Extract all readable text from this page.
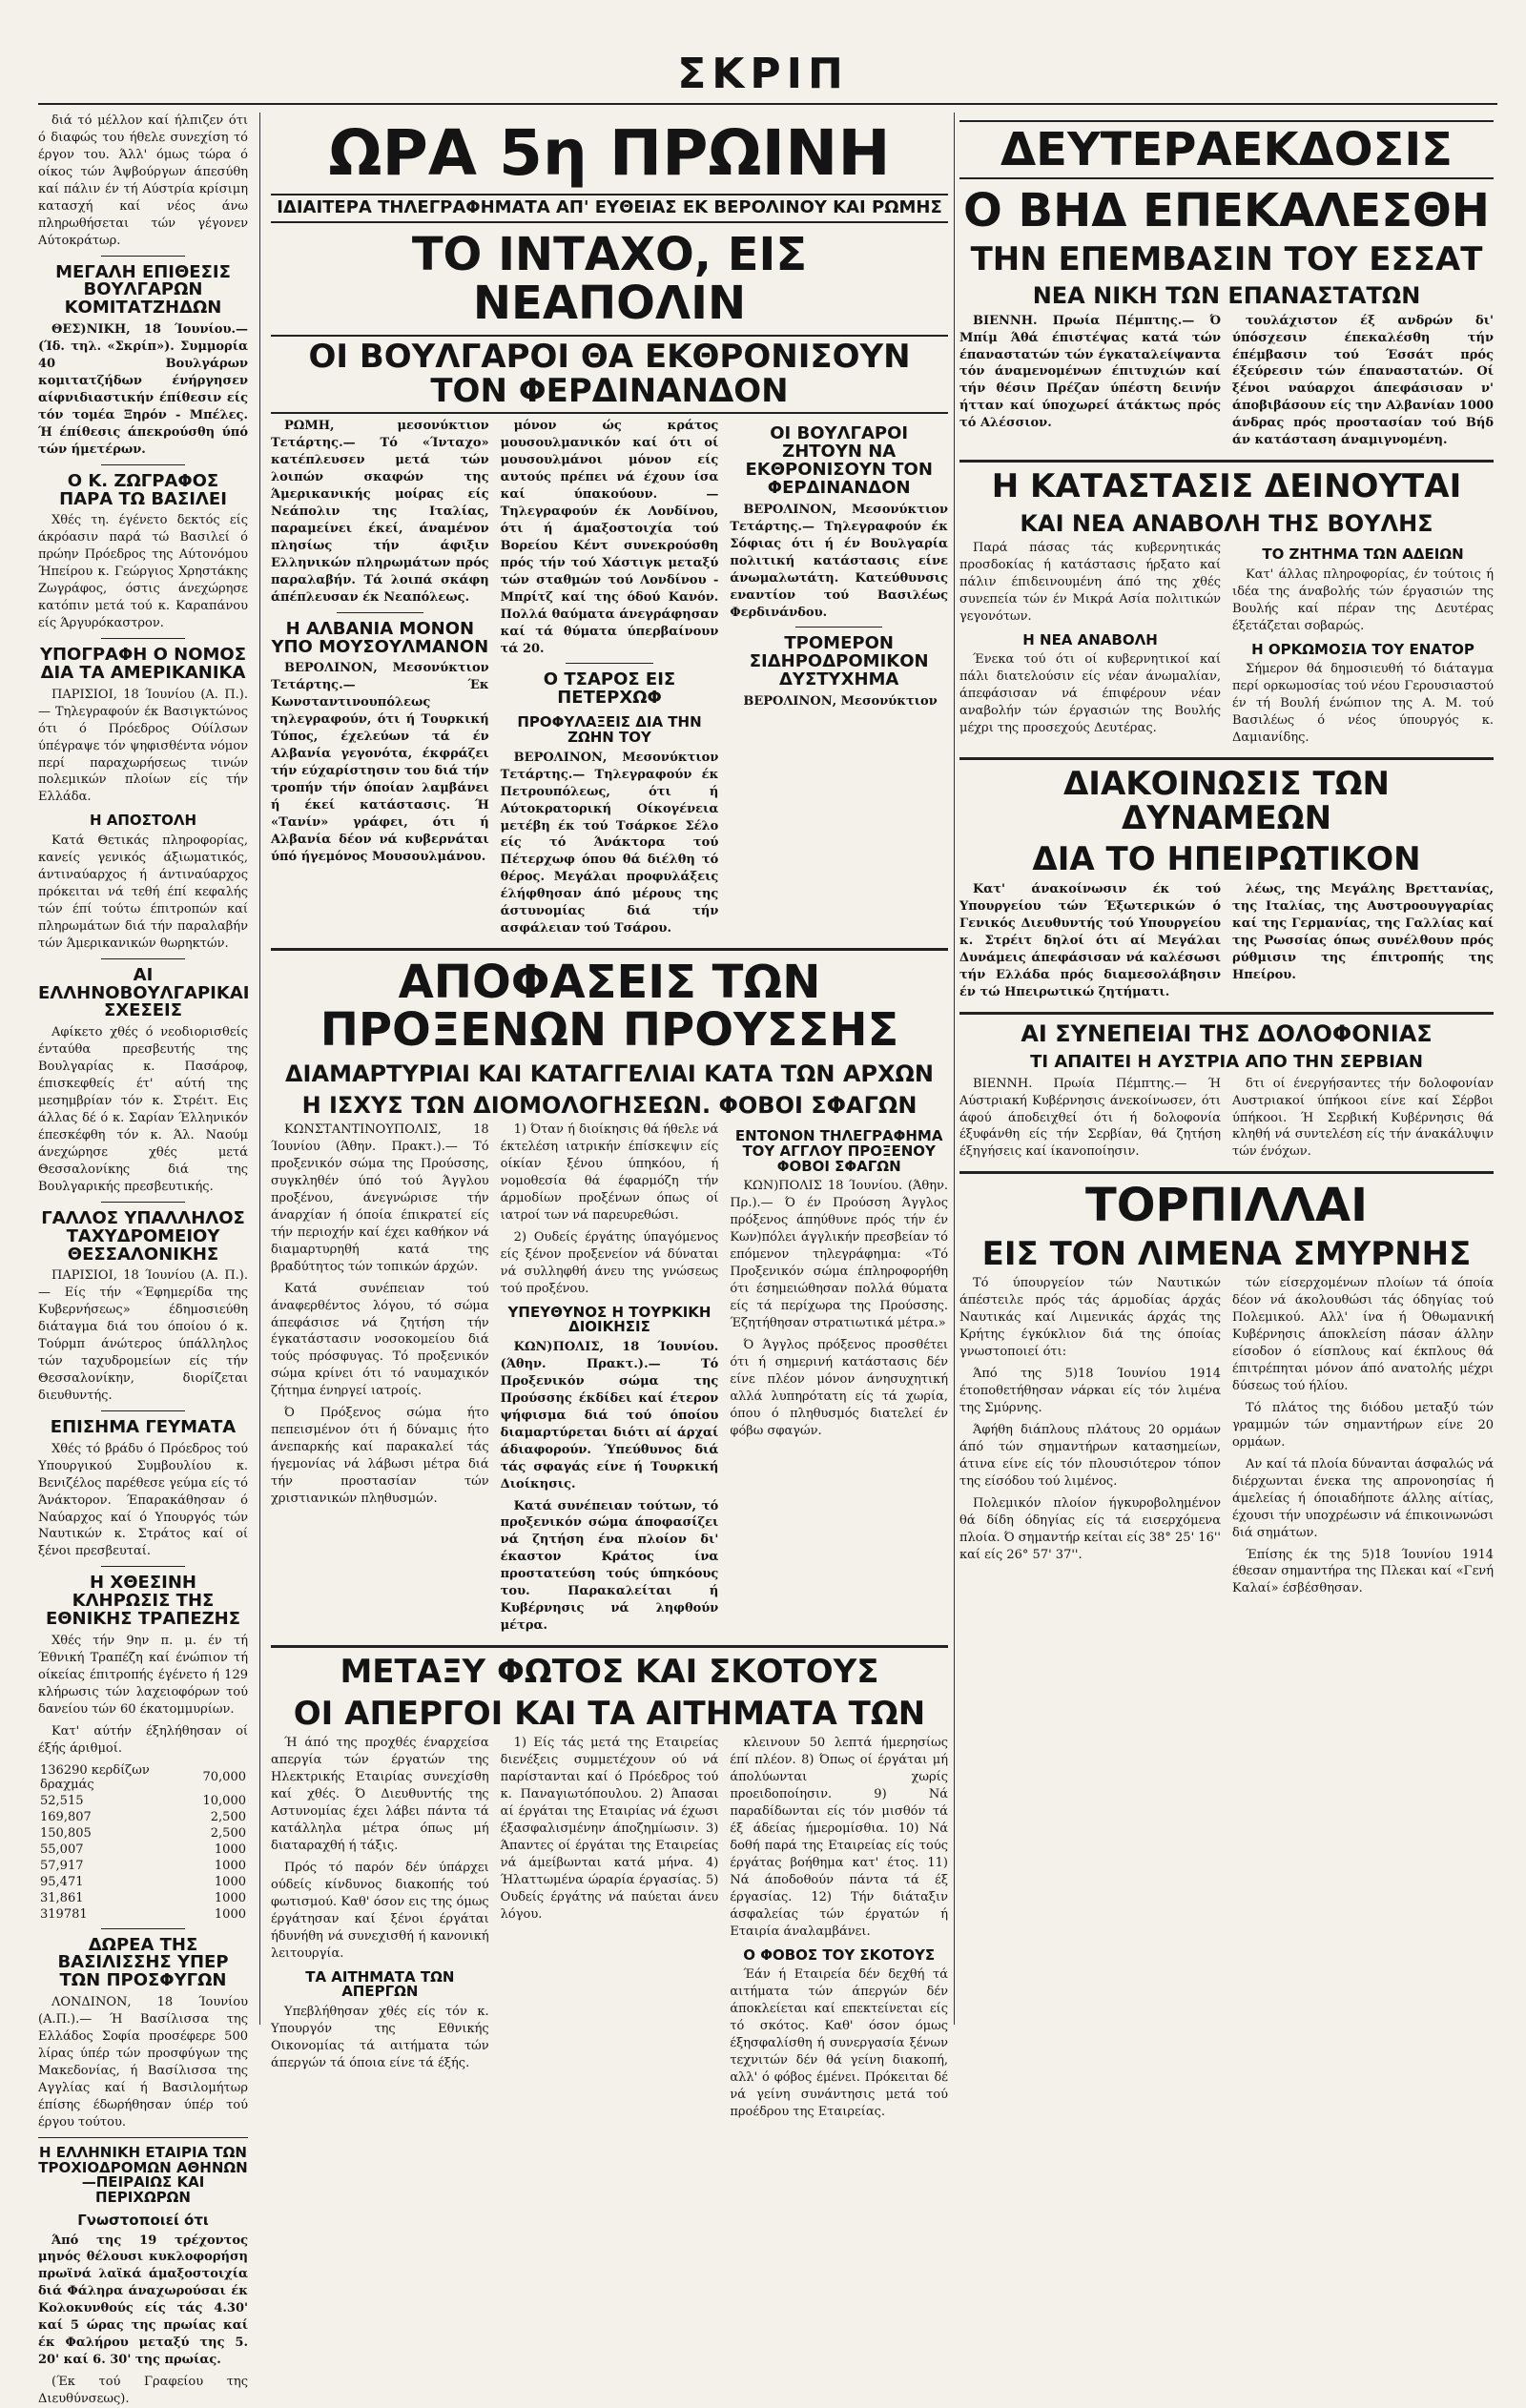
ΣΚΡΙΠ

διά τό μέλλον καί ήλπιζεν ότι ό διαφώς του ήθελε συνεχίση τό έργον του. Άλλ' όμως τώρα ό οίκος τών Άψβούργων άπεσύθη καί πάλιν έν τή Αύστρία κρίσιμη κατασχή καί νέος άνω πληρωθήσεται τών γέγονεν Αύτοκράτωρ.

ΜΕΓΑΛΗ ΕΠΙΘΕΣΙΣ ΒΟΥΛΓΑΡΩΝ ΚΟΜΙΤΑΤΖΗΔΩΝ

ΘΕΣ)ΝΙΚΗ, 18 Ίουνίου.— (Ίδ. τηλ. «Σκρίπ»). Συμμορία 40 Βουλγάρων κομιτατζήδων ένήργησεν αίφνιδιαστικήν έπίθεσιν είς τόν τομέα Ξηρόν - Μπέλες. Ή έπίθεσις άπεκρούσθη ύπό τών ήμετέρων.

Ο Κ. ΖΩΓΡΑΦΟΣ ΠΑΡΑ ΤΩ ΒΑΣΙΛΕΙ

Χθές τη. έγένετο δεκτός είς άκρόασιν παρά τώ Βασιλεί ό πρώην Πρόεδρος της Αύτονόμου Ήπείρου κ. Γεώργιος Χρηστάκης Ζωγράφος, όστις άνεχώρησε κατόπιν μετά τού κ. Καραπάνου είς Άργυρόκαστρον.

ΥΠΟΓΡΑΦΗ Ο ΝΟΜΟΣ ΔΙΑ ΤΑ ΑΜΕΡΙΚΑΝΙΚΑ

ΠΑΡΙΣΙΟΙ, 18 Ίουνίου (Α. Π.).— Τηλεγραφούν έκ Βασιγκτώνος ότι ό Πρόεδρος Ούίλσων ύπέγραψε τόν ψηφισθέντα νόμον περί παραχωρήσεως τινών πολεμικών πλοίων είς τήν Ελλάδα.

Η ΑΠΟΣΤΟΛΗ

Κατά Θετικάς πληροφορίας, κανείς γενικός άξιωματικός, άντιναύαρχος ή άντιναύαρχος πρόκειται νά τεθή έπί κεφαλής τών έπί τούτω έπιτροπών καί πληρωμάτων διά τήν παραλαβήν τών Άμερικανικών θωρηκτών.

ΑΙ ΕΛΛΗΝΟΒΟΥΛΓΑΡΙΚΑΙ ΣΧΕΣΕΙΣ

Αφίκετο χθές ό νεοδιορισθείς ένταύθα πρεσβευτής της Βουλγαρίας κ. Πασάροφ, έπισκεφθείς έτ' αύτή της μεσημβρίαν τόν κ. Στρέιτ. Εις άλλας δέ ό κ. Σαρίαν Έλληνικόν έπεσκέφθη τόν κ. Άλ. Ναούμ άνεχώρησε χθές μετά Θεσσαλονίκης διά της Βουλγαρικής πρεσβευτικής.

ΓΑΛΛΟΣ ΥΠΑΛΛΗΛΟΣ ΤΑΧΥΔΡΟΜΕΙΟΥ ΘΕΣΣΑΛΟΝΙΚΗΣ

ΠΑΡΙΣΙΟΙ, 18 Ίουνίου (Α. Π.).— Είς τήν «Έφημερίδα της Κυβερνήσεως» έδημοσιεύθη διάταγμα διά του όποίου ό κ. Τούρμπ άνώτερος ύπάλληλος τών ταχυδρομείων είς τήν Θεσσαλονίκην, διορίζεται διευθυντής.

ΕΠΙΣΗΜΑ ΓΕΥΜΑΤΑ

Χθές τό βράδυ ό Πρόεδρος τού Υπουργικού Συμβουλίου κ. Βενιζέλος παρέθεσε γεύμα είς τό Άνάκτορον. Έπαρακάθησαν ό Ναύαρχος καί ό Υπουργός τών Ναυτικών κ. Στράτος καί οί ξένοι πρεσβευταί.

Η ΧΘΕΣΙΝΗ ΚΛΗΡΩΣΙΣ ΤΗΣ ΕΘΝΙΚΗΣ ΤΡΑΠΕΖΗΣ

Χθές τήν 9ην π. μ. έν τή Έθνική Τραπέζη καί ένώπιον τή οίκείας έπιτροπής έγένετο ή 129 κλήρωσις τών λαχειοφόρων τού δανείου τών 60 έκατομμυρίων.

Κατ' αύτήν έξηλήθησαν οί έξής άριθμοί.

136290 κερδίζων δραχμάς	70,000
52,515	10,000
169,807	2,500
150,805	2,500
55,007	1000
57,917	1000
95,471	1000
31,861	1000
319781	1000
ΔΩΡΕΑ ΤΗΣ ΒΑΣΙΛΙΣΣΗΣ ΥΠΕΡ ΤΩΝ ΠΡΟΣΦΥΓΩΝ

ΛΟΝΔΙΝΟΝ, 18 Ίουνίου (Α.Π.).— Ή Βασίλισσα της Ελλάδος Σοφία προσέφερε 500 λίρας ύπέρ τών προσφύγων της Μακεδονίας, ή Βασίλισσα της Αγγλίας καί ή Βασιλομήτωρ έπίσης έδωρήθησαν ύπέρ τού έργου τούτου.

Η ΕΛΛΗΝΙΚΗ ΕΤΑΙΡΙΑ ΤΩΝ ΤΡΟΧΙΟΔΡΟΜΩΝ ΑΘΗΝΩΝ—ΠΕΙΡΑΙΩΣ ΚΑΙ ΠΕΡΙΧΩΡΩΝ
Γνωστοποιεί ότι

Άπό της 19 τρέχοντος μηνός θέλουσι κυκλοφορήση πρωϊνά λαϊκά άμαξοστοιχία διά Φάληρα άναχωρούσαι έκ Κολοκυνθούς είς τάς 4.30' καί 5 ώρας της πρωίας καί έκ Φαλήρου μεταξύ της 5. 20' καί 6. 30' της πρωίας.

(Έκ τού Γραφείου της Διευθύνσεως).

ΩΡΑ 5η ΠΡΩΙΝΗ
ΙΔΙΑΙΤΕΡΑ ΤΗΛΕΓΡΑΦΗΜΑΤΑ ΑΠ' ΕΥΘΕΙΑΣ ΕΚ ΒΕΡΟΛΙΝΟΥ ΚΑΙ ΡΩΜΗΣ
ΤΟ ΙΝΤΑΧΟ, ΕΙΣ ΝΕΑΠΟΛΙΝ
ΟΙ ΒΟΥΛΓΑΡΟΙ ΘΑ ΕΚΘΡΟΝΙΣΟΥΝ ΤΟΝ ΦΕΡΔΙΝΑΝΔΟΝ

ΡΩΜΗ, μεσονύκτιον Τετάρτης.— Τό «Ίνταχο» κατέπλευσεν μετά τών λοιπών σκαφών της Άμερικανικής μοίρας είς Νεάπολιν της Ιταλίας, παραμείνει έκεί, άναμένον πλησίως τήν άφιξιν Ελληνικών πληρωμάτων πρός παραλαβήν. Τά λοιπά σκάφη άπέπλευσαν έκ Νεαπόλεως.

Η ΑΛΒΑΝΙΑ ΜΟΝΟΝ ΥΠΟ ΜΟΥΣΟΥΛΜΑΝΟΝ

ΒΕΡΟΛΙΝΟΝ, Μεσονύκτιον Τετάρτης.— Έκ Κωνσταντινουπόλεως τηλεγραφούν, ότι ή Τουρκική Τύπος, έχελεύων τά έν Αλβανία γεγονότα, έκφράζει τήν εύχαρίστησιν του διά τήν τροπήν τήν όποίαν λαμβάνει ή έκεί κατάστασις. Ή «Τανίν» γράφει, ότι ή Αλβανία δέον νά κυβερνάται ύπό ήγεμόνος Μουσουλμάνου.

μόνον ώς κράτος μουσουλμανικόν καί ότι οί μουσουλμάνοι μόνον είς αυτούς πρέπει νά έχουν ίσα καί ύπακούουν. — Τηλεγραφούν έκ Λονδίνου, ότι ή άμαξοστοιχία τού Βορείου Κέντ συνεκρούσθη πρός τήν τού Χάστιγκ μεταξύ τών σταθμών τού Λονδίνου - Μπρίτζ καί της όδού Κανόν. Πολλά θαύματα άνεγράφησαν καί τά θύματα ύπερβαίνουν τά 20.

Ο ΤΣΑΡΟΣ ΕΙΣ ΠΕΤΕΡΧΩΦ
ΠΡΟΦΥΛΑΞΕΙΣ ΔΙΑ ΤΗΝ ΖΩΗΝ ΤΟΥ

ΒΕΡΟΛΙΝΟΝ, Μεσονύκτιον Τετάρτης.— Τηλεγραφούν έκ Πετρουπόλεως, ότι ή Αύτοκρατορική Οίκογένεια μετέβη έκ τού Τσάρκοε Σέλο είς τό Άνάκτορα τού Πέτερχωφ όπου θά διέλθη τό θέρος. Μεγάλαι προφυλάξεις έλήφθησαν άπό μέρους της άστυνομίας διά τήν ασφάλειαν τού Τσάρου.

ΟΙ ΒΟΥΛΓΑΡΟΙ ΖΗΤΟΥΝ ΝΑ ΕΚΘΡΟΝΙΣΟΥΝ ΤΟΝ ΦΕΡΔΙΝΑΝΔΟΝ

ΒΕΡΟΛΙΝΟΝ, Μεσονύκτιον Τετάρτης.— Τηλεγραφούν έκ Σόφιας ότι ή έν Βουλγαρία πολιτική κατάστασις είνε άνωμαλωτάτη. Κατεύθυνσις εναντίον τού Βασιλέως Φερδινάνδου.

ΤΡΟΜΕΡΟΝ ΣΙΔΗΡΟΔΡΟΜΙΚΟΝ ΔΥΣΤΥΧΗΜΑ

ΒΕΡΟΛΙΝΟΝ, Μεσονύκτιον

ΑΠΟΦΑΣΕΙΣ ΤΩΝ ΠΡΟΞΕΝΩΝ ΠΡΟΥΣΣΗΣ
ΔΙΑΜΑΡΤΥΡΙΑΙ ΚΑΙ ΚΑΤΑΓΓΕΛΙΑΙ ΚΑΤΑ ΤΩΝ ΑΡΧΩΝ
Η ΙΣΧΥΣ ΤΩΝ ΔΙΟΜΟΛΟΓΗΣΕΩΝ. ΦΟΒΟΙ ΣΦΑΓΩΝ

ΚΩΝΣΤΑΝΤΙΝΟΥΠΟΛΙΣ, 18 Ίουνίου (Άθην. Πρακτ.).— Τό προξενικόν σώμα της Προύσσης, συγκληθέν ύπό τού Άγγλου προξένου, άνεγνώρισε τήν άναρχίαν ή όποία έπικρατεί είς τήν περιοχήν καί έχει καθήκον νά διαμαρτυρηθή κατά της βραδύτητος τών τοπικών άρχών.

Κατά συνέπειαν τού άναφερθέντος λόγου, τό σώμα άπεφάσισε νά ζητήση τήν έγκατάστασιν νοσοκομείου διά τούς πρόσφυγας. Τό προξενικόν σώμα κρίνει ότι τό ναυμαχικόν ζήτημα ένηργεί ιατροίς.

Ό Πρόξενος σώμα ήτο πεπεισμένον ότι ή δύναμις ήτο άνεπαρκής καί παρακαλεί τάς ήγεμονίας νά λάβωσι μέτρα διά τήν προστασίαν τών χριστιανικών πληθυσμών.

1) Όταν ή διοίκησις θά ήθελε νά έκτελέση ιατρικήν έπίσκεψιν είς οίκίαν ξένου ύπηκόου, ή νομοθεσία θά έφαρμόζη τήν άρμοδίων προξένων όπως οί ιατροί των νά παρευρεθώσι.

2) Ουδείς έργάτης ύπαγόμενος είς ξένον προξενείον νά δύναται νά συλληφθή άνευ της γνώσεως τού προξένου.

ΥΠΕΥΘΥΝΟΣ Η ΤΟΥΡΚΙΚΗ ΔΙΟΙΚΗΣΙΣ

ΚΩΝ)ΠΟΛΙΣ, 18 Ίουνίου. (Άθην. Πρακτ.).— Τό Προξενικόν σώμα της Προύσσης έκδίδει καί έτερον ψήφισμα διά τού όποίου διαμαρτύρεται διότι αί άρχαί άδιαφορούν. Ύπεύθυνος διά τάς σφαγάς είνε ή Τουρκική Διοίκησις.

Κατά συνέπειαν τούτων, τό προξενικόν σώμα άποφασίζει νά ζητήση ένα πλοίον δι' έκαστον Κράτος ίνα προστατεύση τούς ύπηκόους του. Παρακαλείται ή Κυβέρνησις νά ληφθούν μέτρα.

ΕΝΤΟΝΟΝ ΤΗΛΕΓΡΑΦΗΜΑ ΤΟΥ ΑΓΓΛΟΥ ΠΡΟΞΕΝΟΥ ΦΟΒΟΙ ΣΦΑΓΩΝ

ΚΩΝ)ΠΟΛΙΣ 18 Ίουνίου. (Άθην. Πρ.).— Ό έν Προύσση Άγγλος πρόξενος άπηύθυνε πρός τήν έν Κων)πόλει άγγλικήν πρεσβείαν τό επόμενον τηλεγράφημα: «Τό Προξενικόν σώμα έπληροφορήθη ότι έσημειώθησαν πολλά θύματα είς τά περίχωρα της Προύσσης. Έζητήθησαν στρατιωτικά μέτρα.»

Ό Άγγλος πρόξενος προσθέτει ότι ή σημερινή κατάστασις δέν είνε πλέον μόνον άνησυχητική αλλά λυπηρότατη είς τά χωρία, όπου ό πληθυσμός διατελεί έν φόβω σφαγών.

ΜΕΤΑΞΥ ΦΩΤΟΣ ΚΑΙ ΣΚΟΤΟΥΣ
ΟΙ ΑΠΕΡΓΟΙ ΚΑΙ ΤΑ ΑΙΤΗΜΑΤΑ ΤΩΝ

Ή άπό της προχθές έναρχείσα απεργία τών έργατών της Ηλεκτρικής Εταιρίας συνεχίσθη καί χθές. Ό Διευθυντής της Αστυνομίας έχει λάβει πάντα τά κατάλληλα μέτρα όπως μή διαταραχθή ή τάξις.

Πρός τό παρόν δέν ύπάρχει ούδείς κίνδυνος διακοπής τού φωτισμού. Καθ' όσον εις της όμως έργάτησαν καί ξένοι έργάται ήδυνήθη νά συνεχισθή ή κανονική λειτουργία.

ΤΑ ΑΙΤΗΜΑΤΑ ΤΩΝ ΑΠΕΡΓΩΝ

Υπεβλήθησαν χθές είς τόν κ. Υπουργόν της Εθνικής Οικονομίας τά αιτήματα τών άπεργών τά όποια είνε τά έξής.

1) Είς τάς μετά της Εταιρείας διενέξεις συμμετέχουν ού νά παρίστανται καί ό Πρόεδρος τού κ. Παναγιωτόπουλου. 2) Άπασαι αί έργάται της Εταιρίας νά έχωσι έξασφαλισμένην άποζημίωσιν. 3) Άπαντες οί έργάται της Εταιρείας νά άμείβωνται κατά μήνα. 4) Ήλαττωμένα ώραρία έργασίας. 5) Ουδείς έργάτης νά παύεται άνευ λόγου.

κλεινουν 50 λεπτά ήμερησίως έπί πλέον. 8) Όπως οί έργάται μή άπολύωνται χωρίς προειδοποίησιν. 9) Νά παραδίδωνται είς τόν μισθόν τά έξ άδείας ήμερομίσθια. 10) Νά δοθή παρά της Εταιρείας είς τούς έργάτας βοήθημα κατ' έτος. 11) Νά άποδοθούν πάντα τά έξ έργασίας. 12) Τήν διάταξιν άσφαλείας τών έργατών ή Εταιρία άναλαμβάνει.

Ο ΦΟΒΟΣ ΤΟΥ ΣΚΟΤΟΥΣ

Έάν ή Εταιρεία δέν δεχθή τά αιτήματα τών άπεργών δέν άποκλείεται καί επεκτείνεται είς τό σκότος. Καθ' όσον όμως έξησφαλίσθη ή συνεργασία ξένων τεχνιτών δέν θά γείνη διακοπή, αλλ' ό φόβος έμένει. Πρόκειται δέ νά γείνη συνάντησις μετά τού προέδρου της Εταιρείας.

ΔΕΥΤΕΡΑΕΚΔΟΣΙΣ
Ο ΒΗΔ ΕΠΕΚΑΛΕΣΘΗ
ΤΗΝ ΕΠΕΜΒΑΣΙΝ ΤΟΥ ΕΣΣΑΤ
ΝΕΑ ΝΙΚΗ ΤΩΝ ΕΠΑΝΑΣΤΑΤΩΝ

ΒΙΕΝΝΗ. Πρωία Πέμπτης.— Ό Μπίμ Άθά έπιστέψας κατά τών έπαναστατών τών έγκαταλείψαντα τόν άναμενομένων έπιτυχιών καί τήν θέσιν Πρέζαν ύπέστη δεινήν ήτταν καί ύποχωρεί άτάκτως πρός τό Αλέσσιον.

τουλάχιστον έξ ανδρών δι' ύπόσχεσιν έπεκαλέσθη τήν έπέμβασιν τού Έσσάτ πρός έξεύρεσιν τών έπαναστατών. Οί ξένοι ναύαρχοι άπεφάσισαν ν' άποβιβάσουν είς την Αλβανίαν 1000 άνδρας πρός προστασίαν τού Βήδ άν κατάσταση άναμιγνομένη.

Η ΚΑΤΑΣΤΑΣΙΣ ΔΕΙΝΟΥΤΑΙ
ΚΑΙ ΝΕΑ ΑΝΑΒΟΛΗ ΤΗΣ ΒΟΥΛΗΣ

Παρά πάσας τάς κυβερνητικάς προσδοκίας ή κατάστασις ήρξατο καί πάλιν έπιδεινουμένη άπό της χθές συνεπεία τών έν Μικρά Ασία πολιτικών γεγονότων.

Η ΝΕΑ ΑΝΑΒΟΛΗ

Ένεκα τού ότι οί κυβερνητικοί καί πάλι διατελούσιν είς νέαν άνωμαλίαν, άπεφάσισαν νά έπιφέρουν νέαν αναβολήν τών έργασιών της Βουλής μέχρι της προσεχούς Δευτέρας.

ΤΟ ΖΗΤΗΜΑ ΤΩΝ ΑΔΕΙΩΝ

Κατ' άλλας πληροφορίας, έν τούτοις ή ιδέα της άναβολής τών έργασιών της Βουλής καί πέραν της Δευτέρας έξετάζεται σοβαρώς.

Η ΟΡΚΩΜΟΣΙΑ ΤΟΥ ΕΝΑΤΟΡ

Σήμερον θά δημοσιευθή τό διάταγμα περί ορκωμοσίας τού νέου Γερουσιαστού έν τή Βουλή ένώπιον της Α. Μ. τού Βασιλέως ό νέος ύπουργός κ. Δαμιανίδης.

ΔΙΑΚΟΙΝΩΣΙΣ ΤΩΝ ΔΥΝΑΜΕΩΝ
ΔΙΑ ΤΟ ΗΠΕΙΡΩΤΙΚΟΝ

Κατ' άνακοίνωσιν έκ τού Υπουργείου τών Έξωτερικών ό Γενικός Διευθυντής τού Υπουργείου κ. Στρέιτ δηλοί ότι αί Μεγάλαι Δυνάμεις άπεφάσισαν νά καλέσωσι τήν Ελλάδα πρός διαμεσολάβησιν έν τώ Ηπειρωτικώ ζητήματι.

λέως, της Μεγάλης Βρεττανίας, της Ιταλίας, της Αυστροουγγαρίας καί της Γερμανίας, της Γαλλίας καί της Ρωσσίας όπως συνέλθουν πρός ρύθμισιν της έπιτροπής της Ηπείρου.

ΑΙ ΣΥΝΕΠΕΙΑΙ ΤΗΣ ΔΟΛΟΦΟΝΙΑΣ
ΤΙ ΑΠΑΙΤΕΙ Η ΑΥΣΤΡΙΑ ΑΠΟ ΤΗΝ ΣΕΡΒΙΑΝ

ΒΙΕΝΝΗ. Πρωία Πέμπτης.— Ή Αύστριακή Κυβέρνησις άνεκοίνωσεν, ότι άφού άποδειχθεί ότι ή δολοφονία έξυφάνθη είς τήν Σερβίαν, θά ζητήση έξηγήσεις καί ίκανοποίησιν.

δτι οί ένεργήσαντες τήν δολοφονίαν Αυστριακοί ύπήκοοι είνε καί Σέρβοι ύπήκοοι. Ή Σερβική Κυβέρνησις θά κληθή νά συντελέση είς τήν άνακάλυψιν τών ένόχων.

ΤΟΡΠΙΛΛΑΙ
ΕΙΣ ΤΟΝ ΛΙΜΕΝΑ ΣΜΥΡΝΗΣ

Τό ύπουργείον τών Ναυτικών άπέστειλε πρός τάς άρμοδίας άρχάς Ναυτικάς καί Λιμενικάς άρχάς της Κρήτης έγκύκλιον διά της όποίας γνωστοποιεί ότι:

Άπό της 5)18 Ίουνίου 1914 έτοποθετήθησαν νάρκαι είς τόν λιμένα της Σμύρνης.

Άφήθη διάπλους πλάτους 20 ορμάων άπό τών σημαντήρων κατασημείων, άτινα είνε είς τόν πλουσιότερον τόπον της είσόδου τού λιμένος.

Πολεμικόν πλοίον ήγκυροβολημένον θά δίδη όδηγίας είς τά εισερχόμενα πλοία. Ό σημαντήρ κείται είς 38° 25' 16'' καί είς 26° 57' 37''.

τών είσερχομένων πλοίων τά όποία δέον νά άκολουθώσι τάς όδηγίας τού Πολεμικού. Αλλ' ίνα ή Όθωμανική Κυβέρνησις άποκλείση πάσαν άλλην είσοδον ό είσπλους καί έκπλους θά έπιτρέπηται μόνον άπό ανατολής μέχρι δύσεως τού ήλίου.

Τό πλάτος της διόδου μεταξύ τών γραμμών τών σημαντήρων είνε 20 ορμάων.

Αν καί τά πλοία δύνανται άσφαλώς νά διέρχωνται ένεκα της απρονοησίας ή άμελείας ή όποιαδήποτε άλλης αίτίας, έχουσι τήν υποχρέωσιν νά έπικοινωνώσι διά σημάτων.

Έπίσης έκ της 5)18 Ίουνίου 1914 έθεσαν σημαντήρα της Πλεκαι καί «Γενή Καλαί» έσβέσθησαν.
